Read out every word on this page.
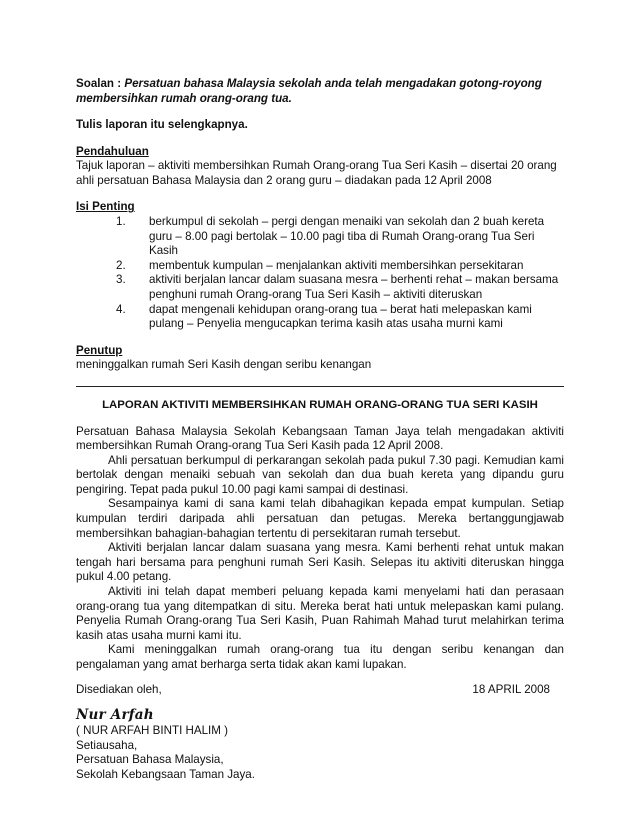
Soalan : Persatuan bahasa Malaysia sekolah anda telah mengadakan gotong-royong membersihkan rumah orang-orang tua.

Tulis laporan itu selengkapnya.

Pendahuluan

Tajuk laporan – aktiviti membersihkan Rumah Orang-orang Tua Seri Kasih – disertai 20 orang

ahli persatuan Bahasa Malaysia dan 2 orang guru – diadakan pada 12 April 2008

Isi Penting

1.	berkumpul di sekolah – pergi dengan menaiki van sekolah dan 2 buah kereta
guru – 8.00 pagi bertolak – 10.00 pagi tiba di Rumah Orang-orang Tua Seri
Kasih
2.	membentuk kumpulan – menjalankan aktiviti membersihkan persekitaran
3.	aktiviti berjalan lancar dalam suasana mesra – berhenti rehat – makan bersama
penghuni rumah Orang-orang Tua Seri Kasih – aktiviti diteruskan
4.	dapat mengenali kehidupan orang-orang tua – berat hati melepaskan kami
pulang – Penyelia mengucapkan terima kasih atas usaha murni kami

Penutup

meninggalkan rumah Seri Kasih dengan seribu kenangan

LAPORAN AKTIVITI MEMBERSIHKAN RUMAH ORANG-ORANG TUA SERI KASIH

Persatuan Bahasa Malaysia Sekolah Kebangsaan Taman Jaya telah mengadakan aktiviti membersihkan Rumah Orang-orang Tua Seri Kasih pada 12 April 2008.

Ahli persatuan berkumpul di perkarangan sekolah pada pukul 7.30 pagi. Kemudian kami bertolak dengan menaiki sebuah van sekolah dan dua buah kereta yang dipandu guru pengiring. Tepat pada pukul 10.00 pagi kami sampai di destinasi.

Sesampainya kami di sana kami telah dibahagikan kepada empat kumpulan. Setiap kumpulan terdiri daripada ahli persatuan dan petugas. Mereka bertanggungjawab membersihkan bahagian-bahagian tertentu di persekitaran rumah tersebut.

Aktiviti berjalan lancar dalam suasana yang mesra. Kami berhenti rehat untuk makan tengah hari bersama para penghuni rumah Seri Kasih. Selepas itu aktiviti diteruskan hingga pukul 4.00 petang.

Aktiviti ini telah dapat memberi peluang kepada kami menyelami hati dan perasaan orang-orang tua yang ditempatkan di situ. Mereka berat hati untuk melepaskan kami pulang. Penyelia Rumah Orang-orang Tua Seri Kasih, Puan Rahimah Mahad turut melahirkan terima kasih atas usaha murni kami itu.

Kami meninggalkan rumah orang-orang tua itu dengan seribu kenangan dan pengalaman yang amat berharga serta tidak akan kami lupakan.

Disediakan oleh,	18 APRIL 2008

Nur Arfah

( NUR ARFAH BINTI HALIM )

Setiausaha,

Persatuan Bahasa Malaysia,

Sekolah Kebangsaan Taman Jaya.
